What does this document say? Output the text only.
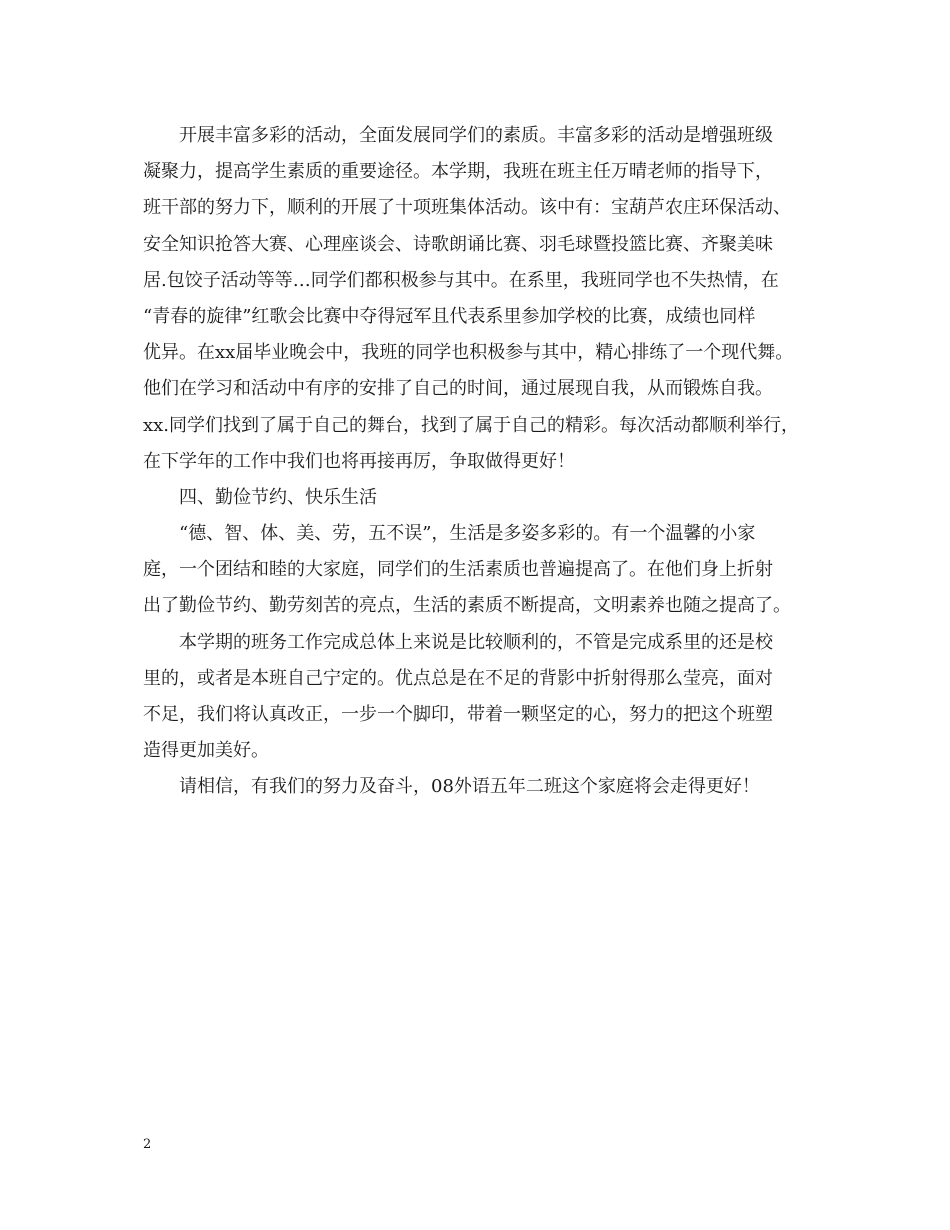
开展丰富多彩的活动，全面发展同学们的素质。丰富多彩的活动是增强班级
凝聚力，提高学生素质的重要途径。本学期，我班在班主任万晴老师的指导下，
班干部的努力下，顺利的开展了十项班集体活动。该中有：宝葫芦农庄环保活动、
安全知识抢答大赛、心理座谈会、诗歌朗诵比赛、羽毛球暨投篮比赛、齐聚美味
居.包饺子活动等等…同学们都积极参与其中。在系里，我班同学也不失热情，在
“青春的旋律”红歌会比赛中夺得冠军且代表系里参加学校的比赛，成绩也同样
优异。在xx届毕业晚会中，我班的同学也积极参与其中，精心排练了一个现代舞。
他们在学习和活动中有序的安排了自己的时间，通过展现自我，从而锻炼自我。
xx.同学们找到了属于自己的舞台，找到了属于自己的精彩。每次活动都顺利举行，
在下学年的工作中我们也将再接再厉，争取做得更好！
四、勤俭节约、快乐生活
“德、智、体、美、劳，五不误”，生活是多姿多彩的。有一个温馨的小家
庭，一个团结和睦的大家庭，同学们的生活素质也普遍提高了。在他们身上折射
出了勤俭节约、勤劳刻苦的亮点，生活的素质不断提高，文明素养也随之提高了。
本学期的班务工作完成总体上来说是比较顺利的，不管是完成系里的还是校
里的，或者是本班自己宁定的。优点总是在不足的背影中折射得那么莹亮，面对
不足，我们将认真改正，一步一个脚印，带着一颗坚定的心，努力的把这个班塑
造得更加美好。
请相信，有我们的努力及奋斗，08外语五年二班这个家庭将会走得更好！
2
